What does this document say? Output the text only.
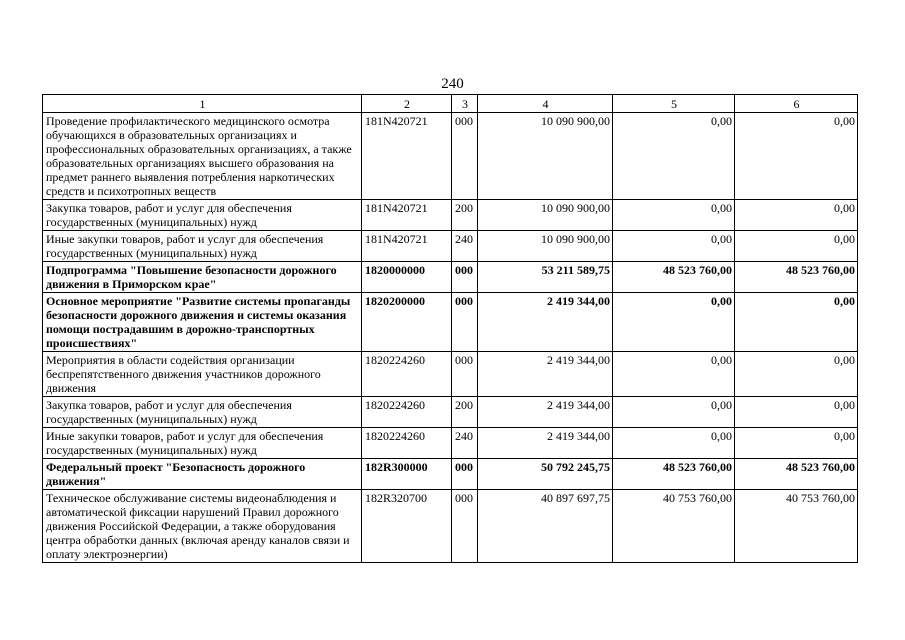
240
1	2	3	4	5	6
Проведение профилактического медицинского осмотра обучающихся в образовательных организациях и профессиональных образовательных организациях, а также образовательных организациях высшего образования на предмет раннего выявления потребления наркотических средств и психотропных веществ	181N420721	000	10 090 900,00	0,00	0,00
Закупка товаров, работ и услуг для обеспечения государственных (муниципальных) нужд	181N420721	200	10 090 900,00	0,00	0,00
Иные закупки товаров, работ и услуг для обеспечения государственных (муниципальных) нужд	181N420721	240	10 090 900,00	0,00	0,00
Подпрограмма "Повышение безопасности дорожного движения в Приморском крае"	1820000000	000	53 211 589,75	48 523 760,00	48 523 760,00
Основное мероприятие "Развитие системы пропаганды безопасности дорожного движения и системы оказания помощи пострадавшим в дорожно-транспортных происшествиях"	1820200000	000	2 419 344,00	0,00	0,00
Мероприятия в области содействия организации беспрепятственного движения участников дорожного движения	1820224260	000	2 419 344,00	0,00	0,00
Закупка товаров, работ и услуг для обеспечения государственных (муниципальных) нужд	1820224260	200	2 419 344,00	0,00	0,00
Иные закупки товаров, работ и услуг для обеспечения государственных (муниципальных) нужд	1820224260	240	2 419 344,00	0,00	0,00
Федеральный проект "Безопасность дорожного движения"	182R300000	000	50 792 245,75	48 523 760,00	48 523 760,00
Техническое обслуживание системы видеонаблюдения и автоматической фиксации нарушений Правил дорожного движения Российской Федерации, а также оборудования центра обработки данных (включая аренду каналов связи и оплату электроэнергии)	182R320700	000	40 897 697,75	40 753 760,00	40 753 760,00
